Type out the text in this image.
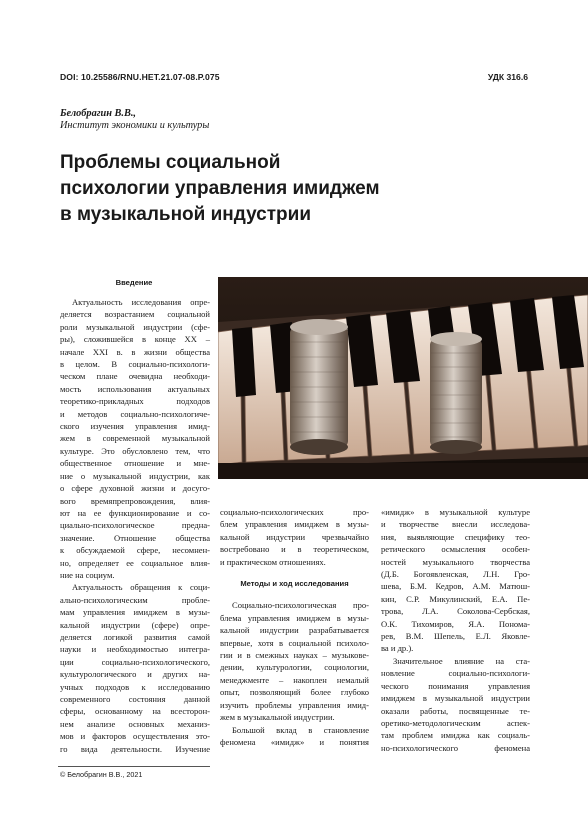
DOI: 10.25586/RNU.HET.21.07-08.P.075	УДК 316.6
Белобрагин В.В.,
Институт экономики и культуры
Проблемы социальной
психологии управления имиджем
в музыкальной индустрии
Введение
Актуальность исследования опре-
деляется возрастанием социальной
роли музыкальной индустрии (сфе-
ры), сложившейся в конце XX –
начале XXI в. в жизни общества
в целом. В социально-психологи-
ческом плане очевидна необходи-
мость использования актуальных
теоретико-прикладных подходов
и методов социально-психологиче-
ского изучения управления имид-
жем в современной музыкальной
культуре. Это обусловлено тем, что
общественное отношение и мне-
ние о музыкальной индустрии, как
о сфере духовной жизни и досуго-
вого времяпрепровождения, влия-
ют на ее функционирование и со-
циально-психологическое предна-
значение. Отношение общества
к обсуждаемой сфере, несомнен-
но, определяет ее социальное влия-
ние на социум.
Актуальность обращения к соци-
ально-психологическим пробле-
мам управления имиджем в музы-
кальной индустрии (сфере) опре-
деляется логикой развития самой
науки и необходимостью интегра-
ции социально-психологического,
культурологического и других на-
учных подходов к исследованию
современного состояния данной
сферы, основанному на всесторон-
нем анализе основных механиз-
мов и факторов осуществления это-
го вида деятельности. Изучение
социально-психологических про-
блем управления имиджем в музы-
кальной индустрии чрезвычайно
востребовано и в теоретическом,
и практическом отношениях.
Методы и ход исследования
Социально-психологическая про-
блема управления имиджем в музы-
кальной индустрии разрабатывается
впервые, хотя в социальной психоло-
гии и в смежных науках – музыкове-
дении, культурологии, социологии,
менеджменте – накоплен немалый
опыт, позволяющий более глубоко
изучить проблемы управления имид-
жем в музыкальной индустрии.
Большой вклад в становление
феномена «имидж» и понятия
«имидж» в музыкальной культуре
и творчестве внесли исследова-
ния, выявляющие специфику тео-
ретического осмысления особен-
ностей музыкального творчества
(Д.Б. Богоявленская, Л.Н. Гро-
шева, Б.М. Кедров, А.М. Матюш-
кин, С.Р. Микулинский, Е.А. Пе-
трова, Л.А. Соколова-Сербская,
О.К. Тихомиров, Я.А. Понома-
рев, В.М. Шепель, Е.Л. Яковле-
ва и др.).
Значительное влияние на ста-
новление социально-психологи-
ческого понимания управления
имиджем в музыкальной индустрии
оказали работы, посвященные те-
оретико-методологическим аспек-
там проблем имиджа как социаль-
но-психологического феномена
© Белобрагин В.В., 2021
